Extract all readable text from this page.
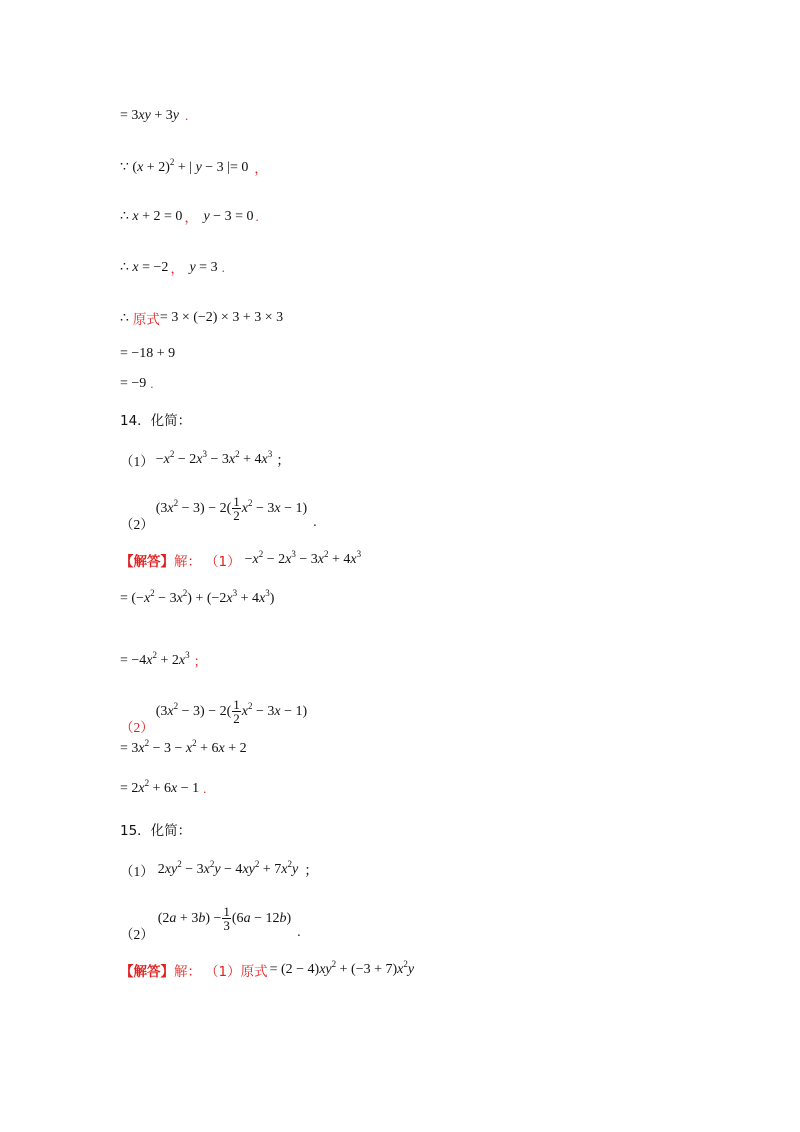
= 3xy + 3y .
∵ $(x + 2)^2$ + | y − 3 |= 0 ，
∴ x + 2 = 0 ， y − 3 = 0 .
∴ x = −2 ， y = 3 .
∴ 原式 = 3 × (−2) × 3 + 3 × 3
= −18 + 9
= −9 .
14．化简：
$(1) -x^2 - 2x^3 - 3x^2 + 4x^3$ ；
（2）
$(3x^2 - 3) - 2( \frac{1}{2} x^2 - 3x - 1)$
.
【解答】 解： $(1) -x^2 - 2x^3 - 3x^2 + 4x^3$
= $(-x^2 - 3x^2) + (-2x^3 + 4x^3)$
= $-4x^2 + 2x^3$ ；
（2）
$(3x^2 - 3) - 2( \frac{1}{2} x^2 - 3x - 1)$
= $3x^2 - 3 - x^2 + 6x + 2$
= $2x^2 + 6x - 1$ .
15．化简：
（1） $2xy^2 - 3x^2y - 4xy^2 + 7x^2y$ ；
（2）
$(2a + 3b) - \frac{1}{3} (6a - 12b)$
.
【解答】 解： （1） 原式 = $(2 - 4)xy^2 + (-3 + 7)x^2y$
